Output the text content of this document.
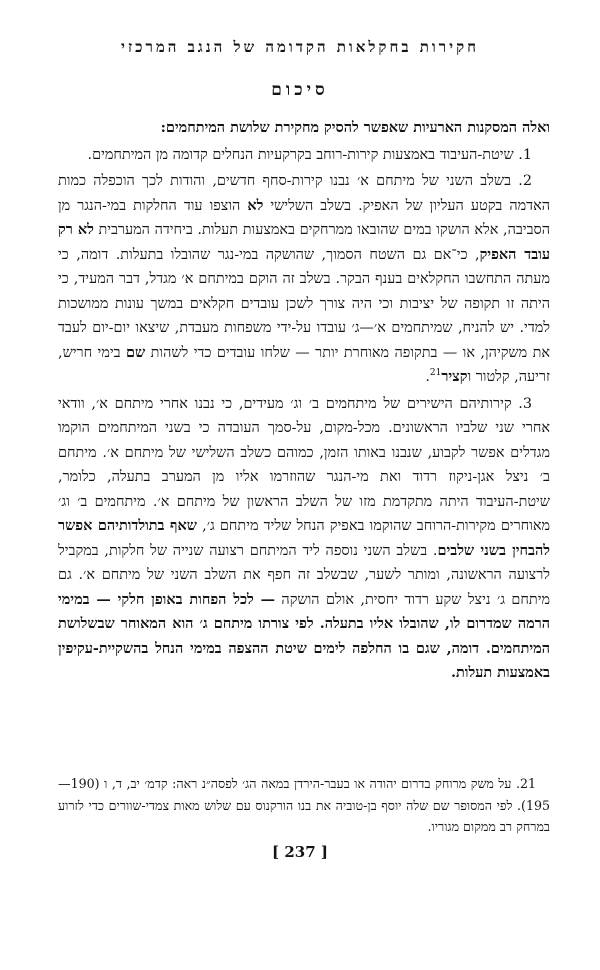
חקירות בחקלאות הקדומה של הנגב המרכזי
סיכום

ואלה המסקנות הארעיות שאפשר להסיק מחקירת שלושת המיתחמים:

1. שיטת-העיבוד באמצעות קירות-רוחב בקרקעיות הנחלים קדומה מן המיתחמים.

2. בשלב השני של מיתחם א׳ נבנו קירות-סחף חדשים, והודות לכך הוכפלה כמות האדמה בקטע העליון של האפיק. בשלב השלישי לא הוצפו עוד החלקות במי-הנגר מן הסביבה, אלא הושקו במים שהובאו ממרחקים באמצעות תעלות. ביחידה המערבית לא רק עובד האפיק, כי־אם גם השטח הסמוך, שהושקה במי-נגר שהובלו בתעלות. דומה, כי מעתה התחשבו החקלאים בענף הבקר. בשלב זה הוקם במיתחם א׳ מגדל, דבר המעיד, כי היתה זו תקופה של יציבות וכי היה צורך לשכן עובדים חקלאים במשך עונות ממושכות למדי. יש להניח, שמיתחמים א׳—ג׳ עובדו על-ידי משפחות מעבדת, שיצאו יום-יום לעבד את משקיהן, או — בתקופה מאוחרת יותר — שלחו עובדים כדי לשהות שם בימי חריש, זריעה, קלטור וקציר$^{21}$.

3. קירותיהם הישירים של מיתחמים ב׳ וג׳ מעידים, כי נבנו אחרי מיתחם א׳, וודאי אחרי שני שלביו הראשונים. מכל-מקום, על-סמך העובדה כי בשני המיתחמים הוקמו מגדלים אפשר לקבוע, שנבנו באותו הזמן, כמוהם כשלב השלישי של מיתחם א׳. מיתחם ב׳ ניצל אגן-ניקוז רדוד ואת מי-הנגר שהוזרמו אליו מן המערב בתעלה, כלומר, שיטת-העיבוד היתה מתקדמת מזו של השלב הראשון של מיתחם א׳. מיתחמים ב׳ וג׳ מאוחרים מקירות-הרוחב שהוקמו באפיק הנחל שליד מיתחם ג׳, שאף בתולדותיהם אפשר להבחין בשני שלבים. בשלב השני נוספה ליד המיתחם רצועה שנייה של חלקות, במקביל לרצועה הראשונה, ומותר לשער, שבשלב זה חפף את השלב השני של מיתחם א׳. גם מיתחם ג׳ ניצל שקע רדוד יחסית, אולם הושקה — לכל הפחות באופן חלקי — במימי הרמה שמדרום לו, שהובלו אליו בתעלה. לפי צורתו מיתחם ג׳ הוא המאוחר שבשלושת המיתחמים. דומה, שגם בו החלפה לימים שיטת ההצפה במימי הנחל בהשקיית-עקיפין באמצעות תעלות.

21. על משק מרוחק בדרום יהודה או בעבר-הירדן במאה הג׳ לפסה״נ ראה: קדמ׳ יב, ד, ו (190—195). לפי המסופר שם שלה יוסף בן-טוביה את בנו הורקנוס עם שלוש מאות צמדי-שוורים כדי לזרוע במרחק רב ממקום מגוריו.

[ 237 ]
